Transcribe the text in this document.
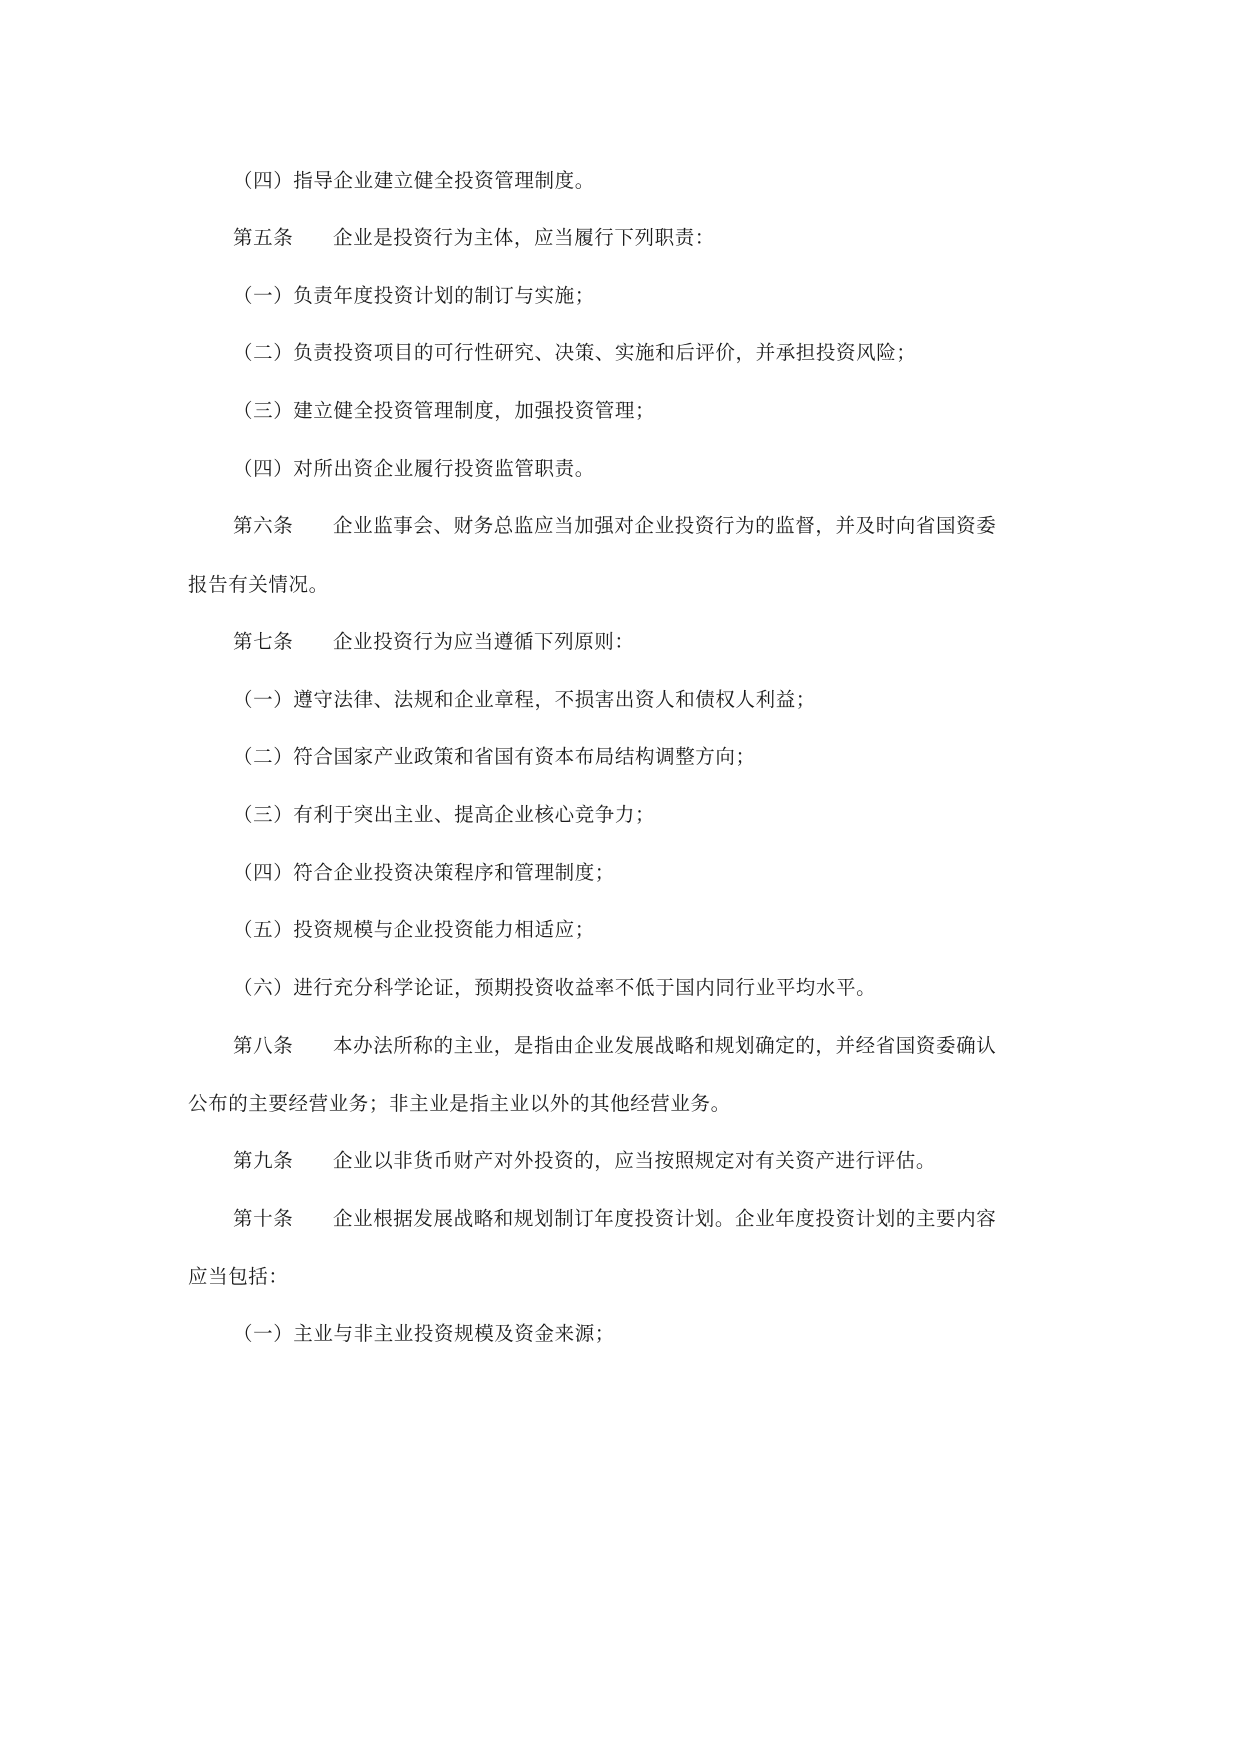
（四）指导企业建立健全投资管理制度。
第五条 企业是投资行为主体，应当履行下列职责：
（一）负责年度投资计划的制订与实施；
（二）负责投资项目的可行性研究、决策、实施和后评价，并承担投资风险；
（三）建立健全投资管理制度，加强投资管理；
（四）对所出资企业履行投资监管职责。
第六条 企业监事会、财务总监应当加强对企业投资行为的监督，并及时向省国资委
报告有关情况。
第七条 企业投资行为应当遵循下列原则：
（一）遵守法律、法规和企业章程，不损害出资人和债权人利益；
（二）符合国家产业政策和省国有资本布局结构调整方向；
（三）有利于突出主业、提高企业核心竞争力；
（四）符合企业投资决策程序和管理制度；
（五）投资规模与企业投资能力相适应；
（六）进行充分科学论证，预期投资收益率不低于国内同行业平均水平。
第八条 本办法所称的主业，是指由企业发展战略和规划确定的，并经省国资委确认
公布的主要经营业务；非主业是指主业以外的其他经营业务。
第九条 企业以非货币财产对外投资的，应当按照规定对有关资产进行评估。
第十条 企业根据发展战略和规划制订年度投资计划。企业年度投资计划的主要内容
应当包括：
（一）主业与非主业投资规模及资金来源；
